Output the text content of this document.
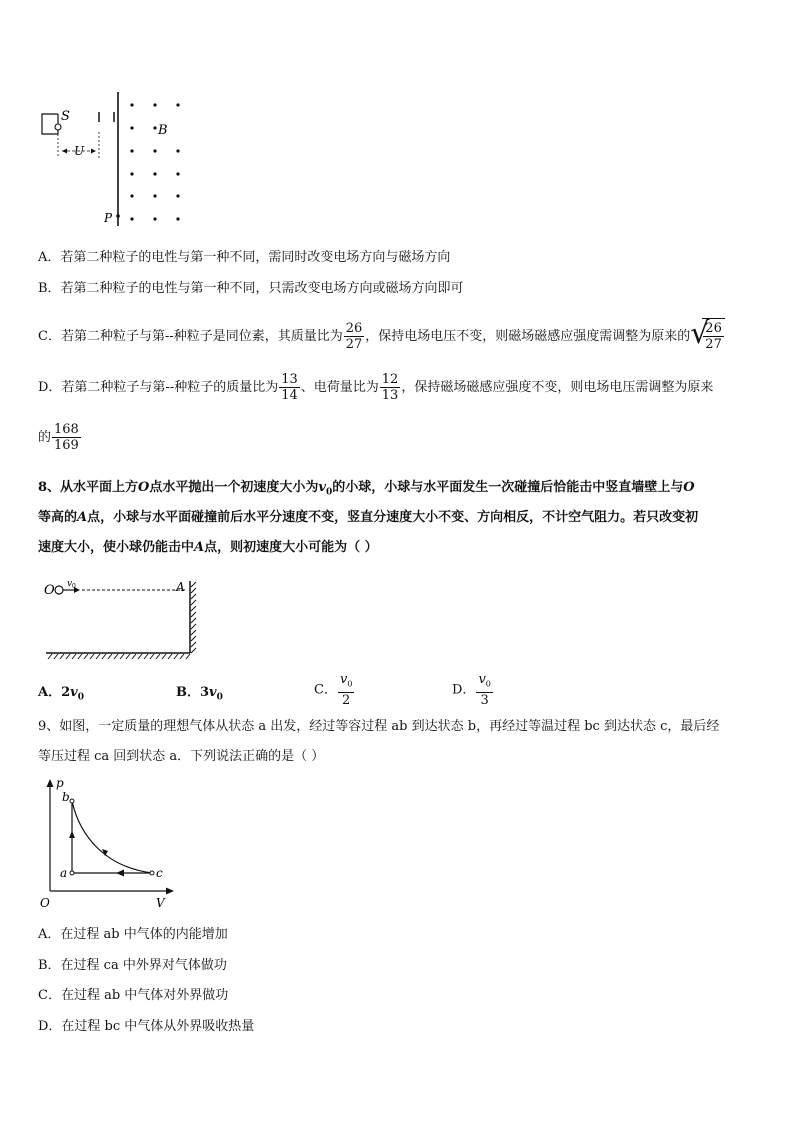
S
B
U
P
A．若第二种粒子的电性与第一种不同，需同时改变电场方向与磁场方向
B．若第二种粒子的电性与第一种不同，只需改变电场方向或磁场方向即可
C．若第二种粒子与第--种粒子是同位素，其质量比为 $\frac{26}{27}$ ，保持电场电压不变，则磁场磁感应强度需调整为原来的 √
$\frac{26}{27}$
D．若第二种粒子与第--种粒子的质量比为 $\frac{13}{14}$ 、电荷量比为 $\frac{12}{13}$ ，保持磁场磁感应强度不变，则电场电压需调整为原来
的 $\frac{168}{169}$
8、从水平面上方O点水平抛出一个初速度大小为$v_0$的小球，小球与水平面发生一次碰撞后恰能击中竖直墙壁上与O
等高的A点，小球与水平面碰撞前后水平分速度不变，竖直分速度大小不变、方向相反，不计空气阻力。若只改变初
速度大小，使小球仍能击中A点，则初速度大小可能为（ ）
O v 0	A
A．$2v_0$	B．$3v_0$
C． $\frac{v_0}{2}$	D． $\frac{v_0}{3}$
9、如图，一定质量的理想气体从状态 a 出发，经过等容过程 ab 到达状态 b，再经过等温过程 bc 到达状态 c，最后经
等压过程 ca 回到状态 a．下列说法正确的是（ ）
p
V
O
a
b
c
A．在过程 ab 中气体的内能增加
B．在过程 ca 中外界对气体做功
C．在过程 ab 中气体对外界做功
D．在过程 bc 中气体从外界吸收热量
